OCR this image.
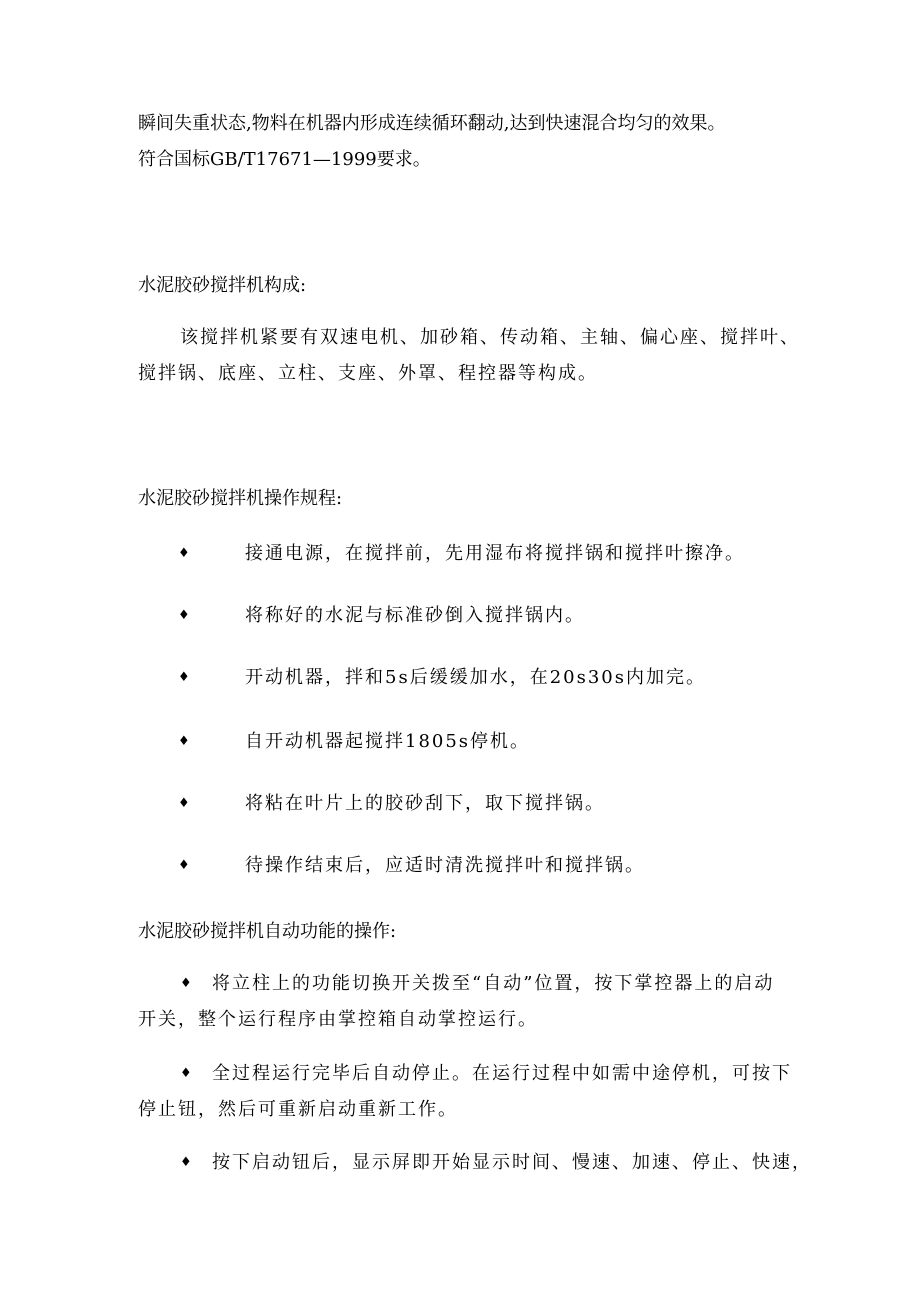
瞬间失重状态,物料在机器内形成连续循环翻动,达到快速混合均匀的效果。
符合国标GB/T17671—1999要求。
水泥胶砂搅拌机构成:
该搅拌机紧要有双速电机、加砂箱、传动箱、主轴、偏心座、搅拌叶、
搅拌锅、底座、立柱、支座、外罩、程控器等构成。
水泥胶砂搅拌机操作规程:
♦	接通电源，在搅拌前，先用湿布将搅拌锅和搅拌叶擦净。
♦	将称好的水泥与标准砂倒入搅拌锅内。
♦	开动机器，拌和5s后缓缓加水，在20s30s内加完。
♦	自开动机器起搅拌1805s停机。
♦	将粘在叶片上的胶砂刮下，取下搅拌锅。
♦	待操作结束后，应适时清洗搅拌叶和搅拌锅。
水泥胶砂搅拌机自动功能的操作:
♦ 将立柱上的功能切换开关拨至“自动”位置，按下掌控器上的启动
开关，整个运行程序由掌控箱自动掌控运行。
♦ 全过程运行完毕后自动停止。在运行过程中如需中途停机，可按下
停止钮，然后可重新启动重新工作。
♦ 按下启动钮后，显示屏即开始显示时间、慢速、加速、停止、快速，
